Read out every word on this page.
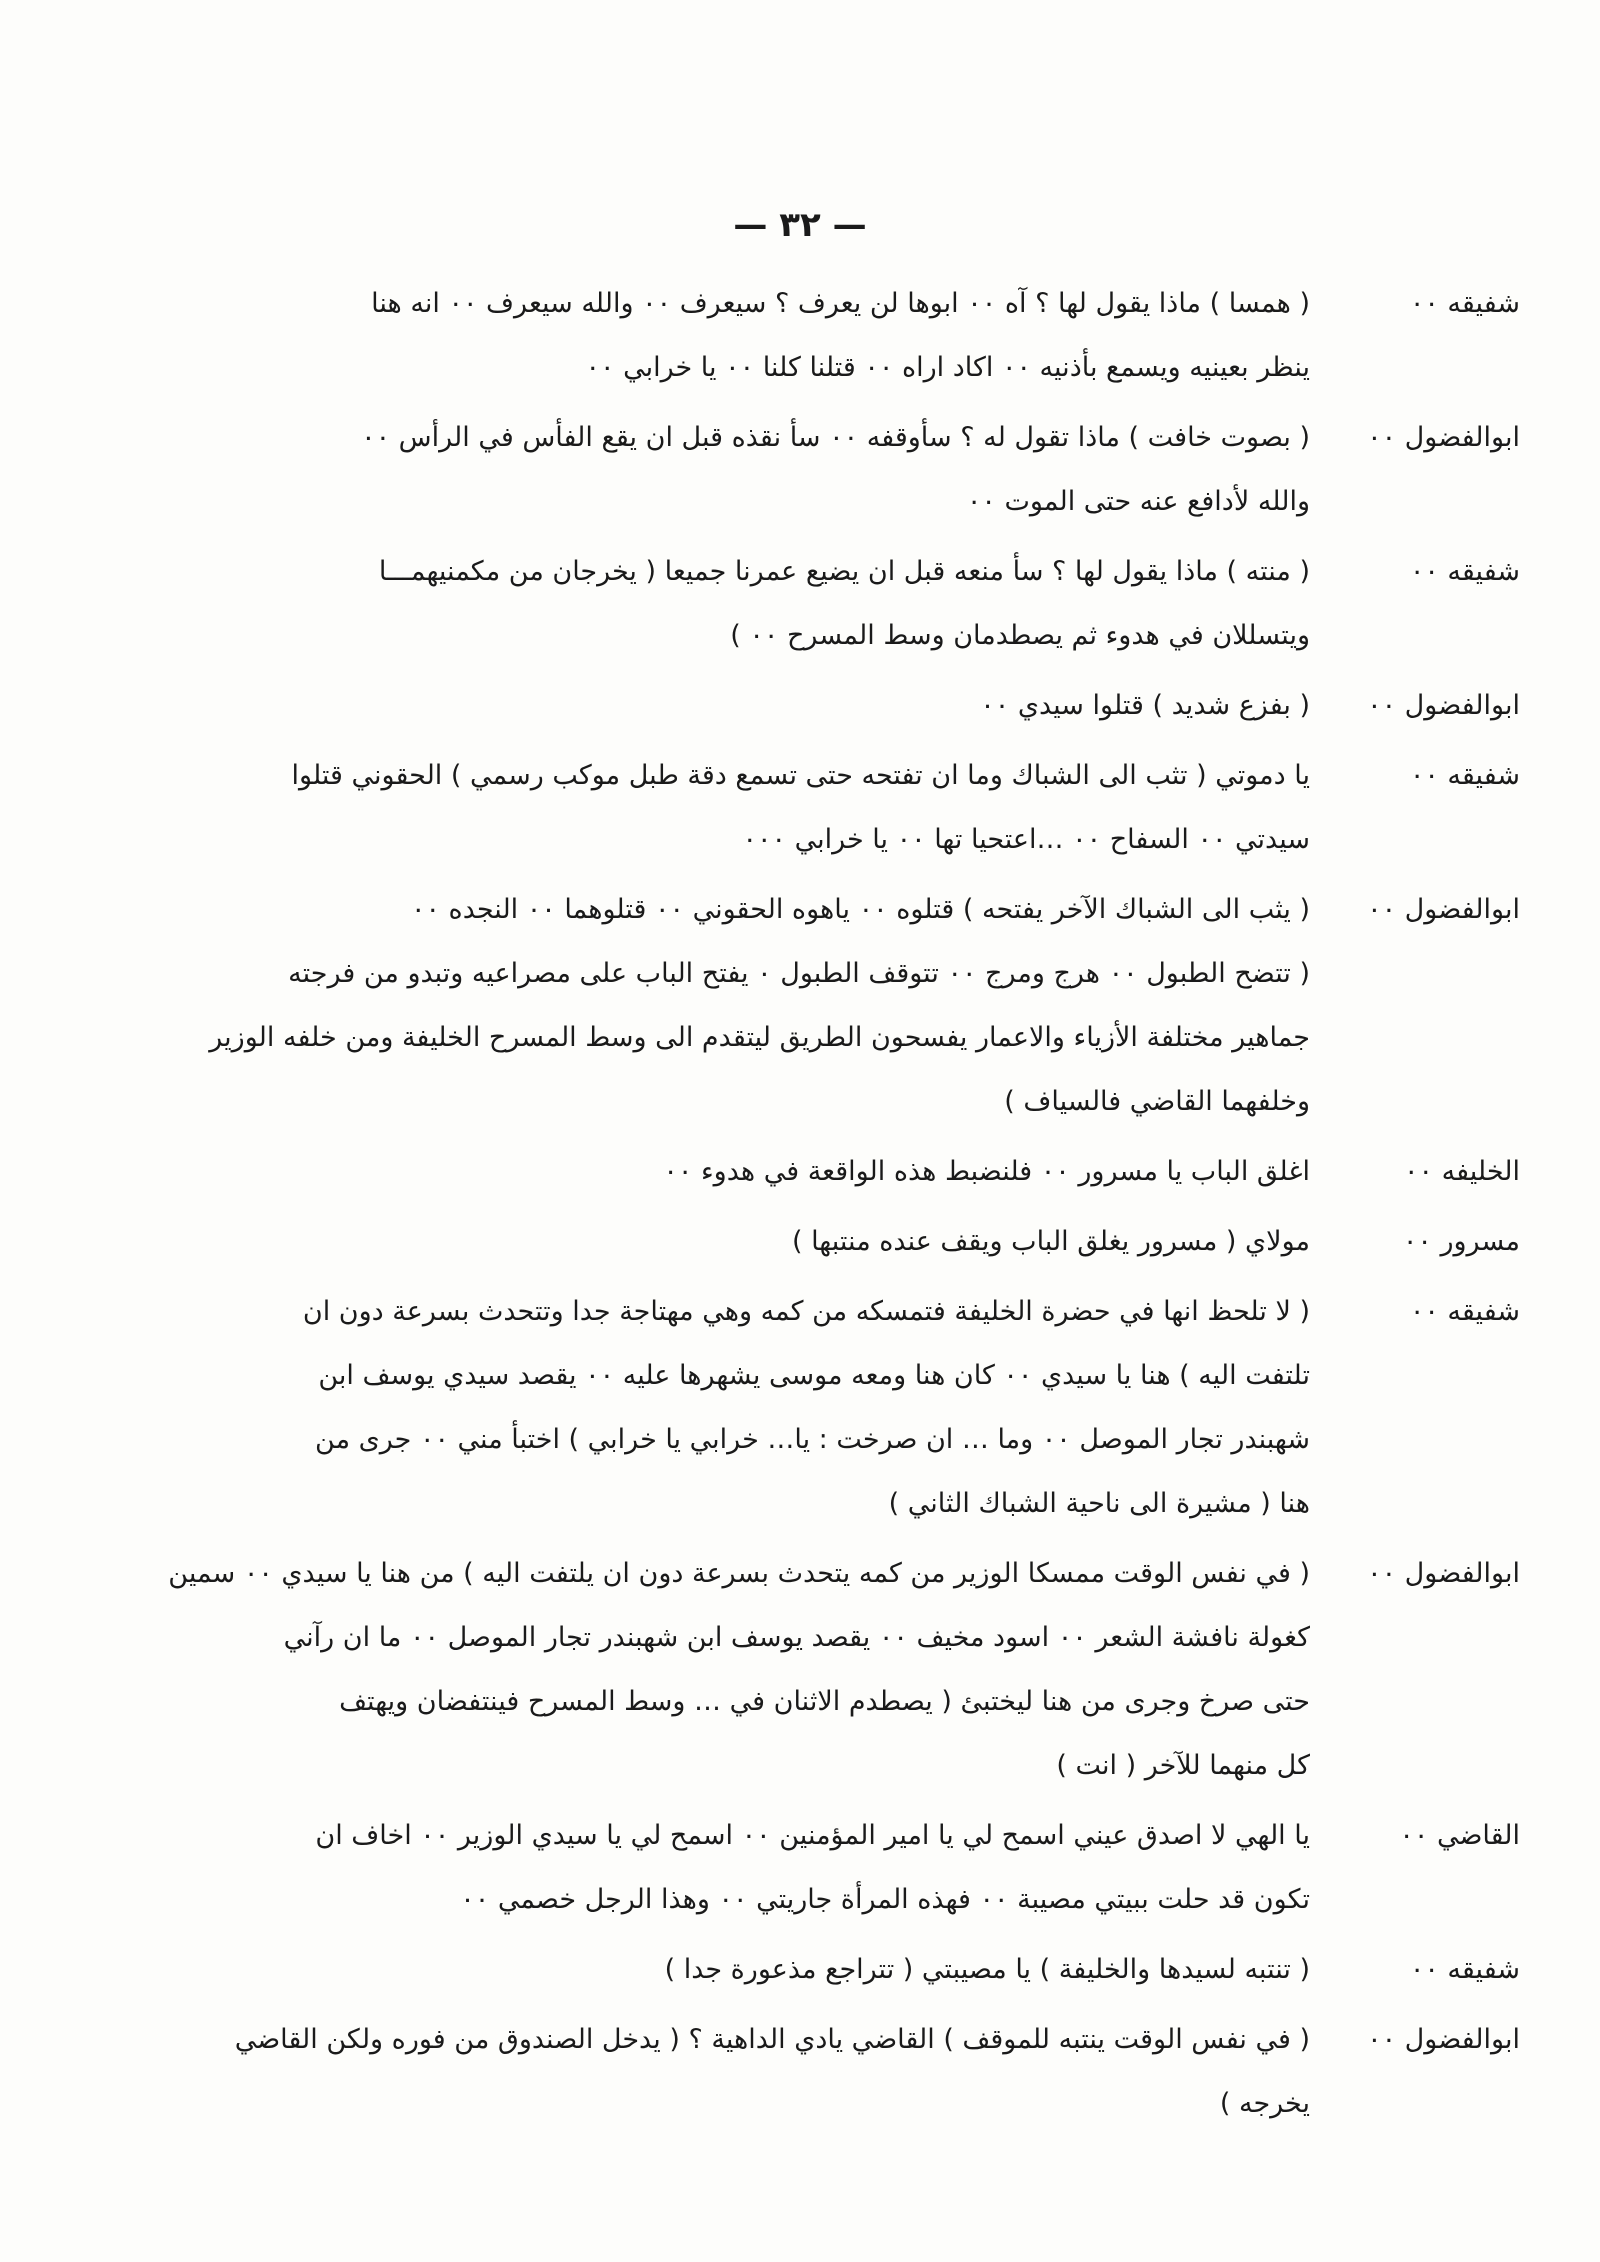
— ٣٢ —
شفيقه ٠٠
( همسا ) ماذا يقول لها ؟ آه ٠٠ ابوها لن يعرف ؟ سيعرف ٠٠ والله سيعرف ٠٠ انه هنا
ينظر بعينيه ويسمع بأذنيه ٠٠ اكاد اراه ٠٠ قتلنا كلنا ٠٠ يا خرابي ٠٠
ابوالفضول ٠٠
( بصوت خافت ) ماذا تقول له ؟ سأوقفه ٠٠ سأ نقذه قبل ان يقع الفأس في الرأس ٠٠
والله لأدافع عنه حتى الموت ٠٠
شفيقه ٠٠
( منته ) ماذا يقول لها ؟ سأ منعه قبل ان يضيع عمرنا جميعا ( يخرجان من مكمنيهمـــا
ويتسللان في هدوء ثم يصطدمان وسط المسرح ٠٠ )
ابوالفضول ٠٠
( بفزع شديد ) قتلوا سيدي ٠٠
شفيقه ٠٠
يا دموتي ( تثب الى الشباك وما ان تفتحه حتى تسمع دقة طبل موكب رسمي ) الحقوني قتلوا
سيدتي ٠٠ السفاح ٠٠ …اعتحيا تها ٠٠ يا خرابي ٠٠٠
ابوالفضول ٠٠
( يثب الى الشباك الآخر يفتحه ) قتلوه ٠٠ ياهوه الحقوني ٠٠ قتلوهما ٠٠ النجده ٠٠
( تتضح الطبول ٠٠ هرج ومرج ٠٠ تتوقف الطبول ٠ يفتح الباب على مصراعيه وتبدو من فرجته
جماهير مختلفة الأزياء والاعمار يفسحون الطريق ليتقدم الى وسط المسرح الخليفة ومن خلفه الوزير
وخلفهما القاضي فالسياف )
الخليفه ٠٠
اغلق الباب يا مسرور ٠٠ فلنضبط هذه الواقعة في هدوء ٠٠
مسرور ٠٠
مولاي ( مسرور يغلق الباب ويقف عنده منتبها )
شفيقه ٠٠
( لا تلحظ انها في حضرة الخليفة فتمسكه من كمه وهي مهتاجة جدا وتتحدث بسرعة دون ان
تلتفت اليه ) هنا يا سيدي ٠٠ كان هنا ومعه موسى يشهرها عليه ٠٠ يقصد سيدي يوسف ابن
شهبندر تجار الموصل ٠٠ وما … ان صرخت : يا… خرابي يا خرابي ) اختبأ مني ٠٠ جرى من
هنا ( مشيرة الى ناحية الشباك الثاني )
ابوالفضول ٠٠
( في نفس الوقت ممسكا الوزير من كمه يتحدث بسرعة دون ان يلتفت اليه ) من هنا يا سيدي ٠٠ سمين
كغولة نافشة الشعر ٠٠ اسود مخيف ٠٠ يقصد يوسف ابن شهبندر تجار الموصل ٠٠ ما ان رآني
حتى صرخ وجرى من هنا ليختبئ ( يصطدم الاثنان في … وسط المسرح فينتفضان ويهتف
كل منهما للآخر ( انت )
القاضي ٠٠
يا الهي لا اصدق عيني اسمح لي يا امير المؤمنين ٠٠ اسمح لي يا سيدي الوزير ٠٠ اخاف ان
تكون قد حلت ببيتي مصيبة ٠٠ فهذه المرأة جاريتي ٠٠ وهذا الرجل خصمي ٠٠
شفيقه ٠٠
( تنتبه لسيدها والخليفة ) يا مصيبتي ( تتراجع مذعورة جدا )
ابوالفضول ٠٠
( في نفس الوقت ينتبه للموقف ) القاضي يادي الداهية ؟ ( يدخل الصندوق من فوره ولكن القاضي
يخرجه )
